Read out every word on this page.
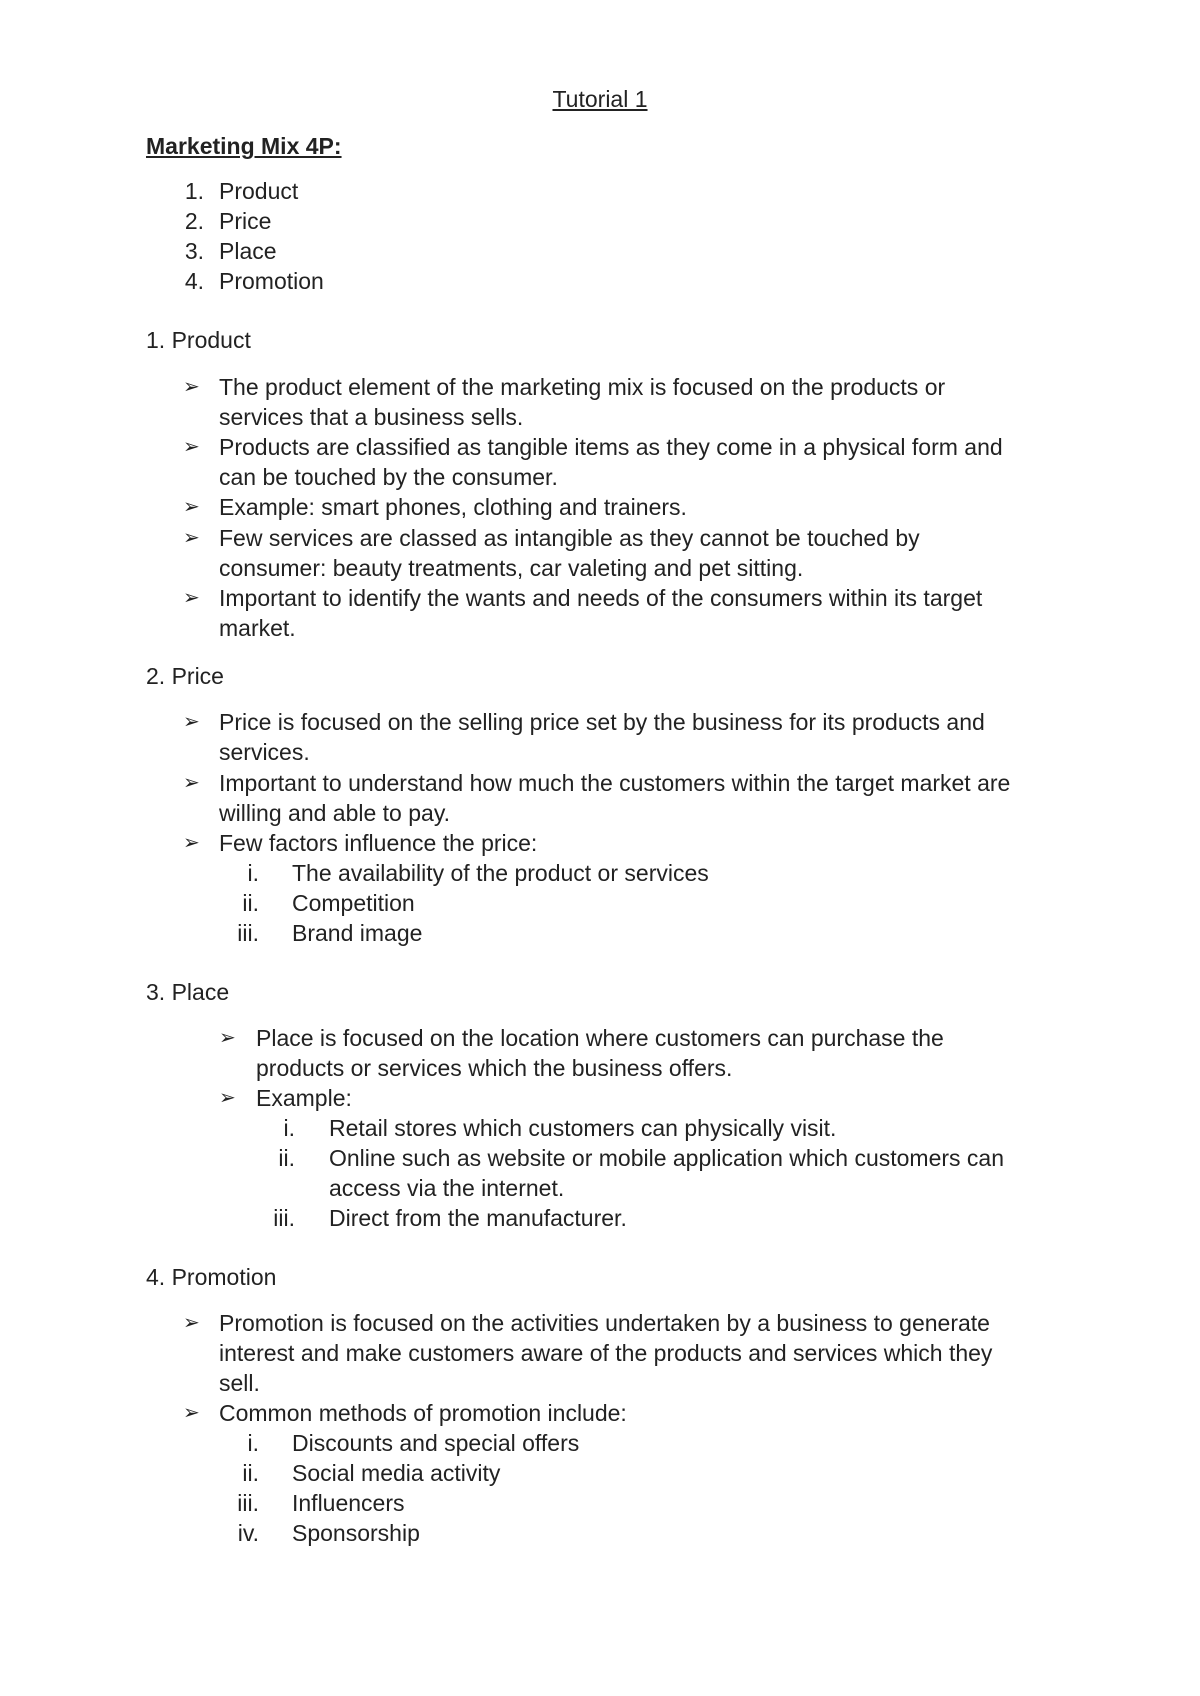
Tutorial 1
Marketing Mix 4P:
1. Product
2. Price
3. Place
4. Promotion
1. Product
➢ The product element of the marketing mix is focused on the products or
services that a business sells.
➢ Products are classified as tangible items as they come in a physical form and
can be touched by the consumer.
➢ Example: smart phones, clothing and trainers.
➢ Few services are classed as intangible as they cannot be touched by
consumer: beauty treatments, car valeting and pet sitting.
➢ Important to identify the wants and needs of the consumers within its target
market.
2. Price
➢ Price is focused on the selling price set by the business for its products and
services.
➢ Important to understand how much the customers within the target market are
willing and able to pay.
➢ Few factors influence the price:
i. The availability of the product or services
ii. Competition
iii. Brand image
3. Place
➢ Place is focused on the location where customers can purchase the
products or services which the business offers.
➢ Example:
i. Retail stores which customers can physically visit.
ii. Online such as website or mobile application which customers can
access via the internet.
iii. Direct from the manufacturer.
4. Promotion
➢ Promotion is focused on the activities undertaken by a business to generate
interest and make customers aware of the products and services which they
sell.
➢ Common methods of promotion include:
i. Discounts and special offers
ii. Social media activity
iii. Influencers
iv. Sponsorship
